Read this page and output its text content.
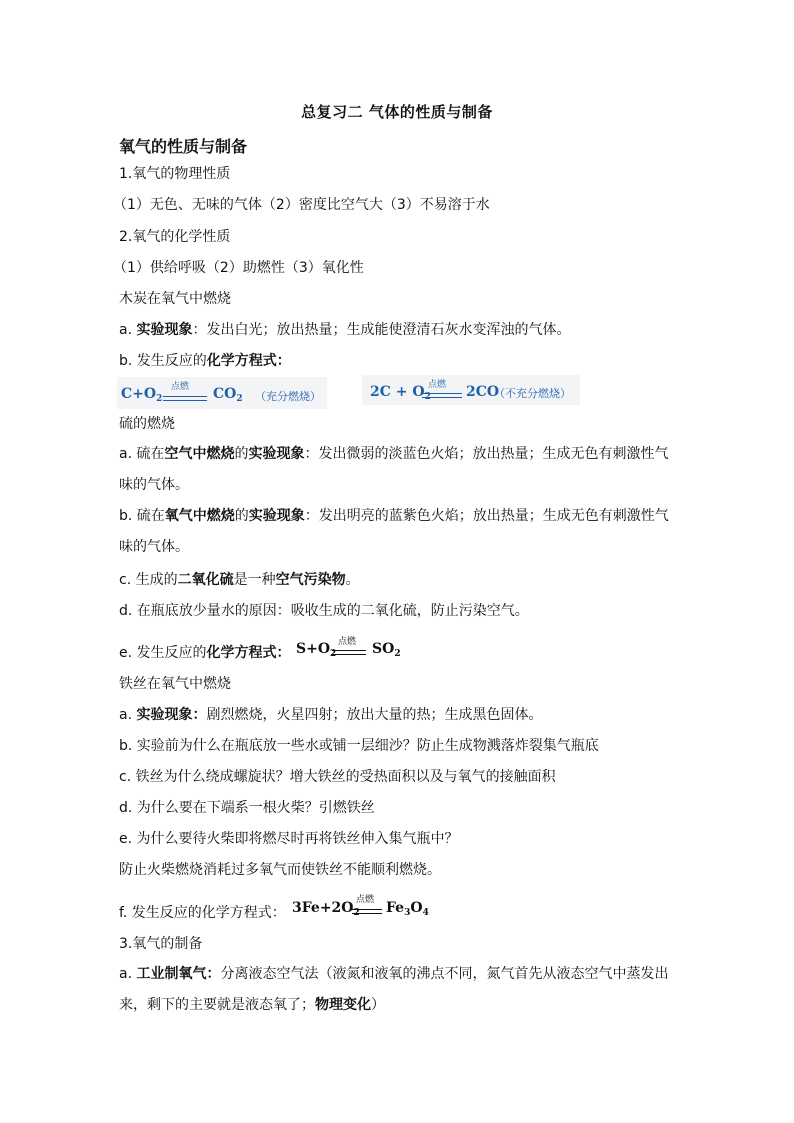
总复习二 气体的性质与制备
氧气的性质与制备
1.氧气的物理性质
（1）无色、无味的气体（2）密度比空气大（3）不易溶于水
2.氧气的化学性质
（1）供给呼吸（2）助燃性（3）氧化性
木炭在氧气中燃烧
a. 实验现象：发出白光；放出热量；生成能使澄清石灰水变浑浊的气体。
b. 发生反应的化学方程式：
$C+O_2$
点燃 $CO_2$ （充分燃烧）	$2C + O_2$
点燃 2CO
（不充分燃烧）
硫的燃烧
a. 硫在空气中燃烧的实验现象：发出微弱的淡蓝色火焰；放出热量；生成无色有刺激性气味的气体。
b. 硫在氧气中燃烧的实验现象：发出明亮的蓝紫色火焰；放出热量；生成无色有刺激性气味的气体。
c. 生成的二氧化硫是一种空气污染物。
d. 在瓶底放少量水的原因：吸收生成的二氧化硫，防止污染空气。
e. 发生反应的化学方程式： $S+O_2$
点燃 $SO_2$
铁丝在氧气中燃烧
a. 实验现象：剧烈燃烧，火星四射；放出大量的热；生成黑色固体。
b. 实验前为什么在瓶底放一些水或铺一层细沙？防止生成物溅落炸裂集气瓶底
c. 铁丝为什么绕成螺旋状？增大铁丝的受热面积以及与氧气的接触面积
d. 为什么要在下端系一根火柴？引燃铁丝
e. 为什么要待火柴即将燃尽时再将铁丝伸入集气瓶中？
防止火柴燃烧消耗过多氧气而使铁丝不能顺利燃烧。
f. 发生反应的化学方程式： $3Fe+2O_2$
点燃 $Fe_3O_4$
3.氧气的制备
a. 工业制氧气：分离液态空气法（液氮和液氧的沸点不同，氮气首先从液态空气中蒸发出来，剩下的主要就是液态氧了；物理变化）
